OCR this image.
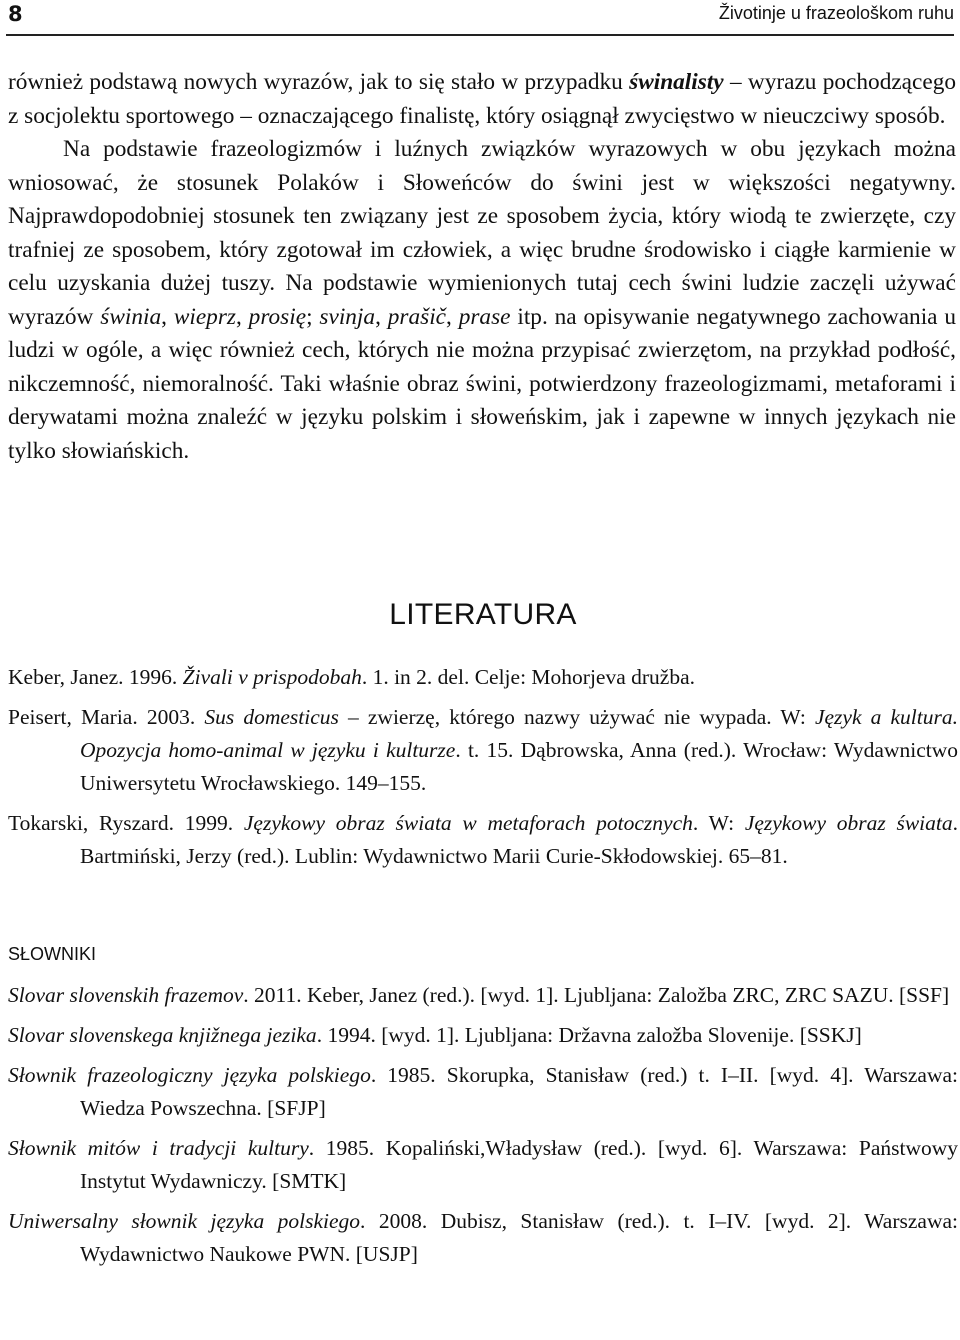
8	Životinje u frazeološkom ruhu

również podstawą nowych wyrazów, jak to się stało w przypadku świnalisty – wyrazu pochodzącego z socjolektu sportowego – oznaczającego finalistę, który osiągnął zwycięstwo w nieuczciwy sposób.

Na podstawie frazeologizmów i luźnych związków wyrazowych w obu językach można wniosować, że stosunek Polaków i Słoweńców do świni jest w większości negatywny. Najprawdopodobniej stosunek ten związany jest ze sposobem życia, który wiodą te zwierzęte, czy trafniej ze sposobem, który zgotował im człowiek, a więc brudne środowisko i ciągłe karmienie w celu uzyskania dużej tuszy. Na podstawie wymienionych tutaj cech świni ludzie zaczęli używać wyrazów świnia, wieprz, prosię; svinja, prašič, prase itp. na opisywanie negatywnego zachowania u ludzi w ogóle, a więc również cech, których nie można przypisać zwierzętom, na przykład podłość, nikczemność, niemoralność. Taki właśnie obraz świni, potwierdzony frazeologizmami, metaforami i derywatami można znaleźć w języku polskim i słoweńskim, jak i zapewne w innych językach nie tylko słowiańskich.

LITERATURA

Keber, Janez. 1996. Živali v prispodobah. 1. in 2. del. Celje: Mohorjeva družba.

Peisert, Maria. 2003. Sus domesticus – zwierzę, którego nazwy używać nie wypada. W: Język a kultura. Opozycja homo-animal w języku i kulturze. t. 15. Dąbrowska, Anna (red.). Wrocław: Wydawnictwo Uniwersytetu Wrocławskiego. 149–155.

Tokarski, Ryszard. 1999. Językowy obraz świata w metaforach potocznych. W: Językowy obraz świata. Bartmiński, Jerzy (red.). Lublin: Wydawnictwo Marii Curie-Skłodowskiej. 65–81.

SŁOWNIKI

Slovar slovenskih frazemov. 2011. Keber, Janez (red.). [wyd. 1]. Ljubljana: Založba ZRC, ZRC SAZU. [SSF]

Slovar slovenskega knjižnega jezika. 1994. [wyd. 1]. Ljubljana: Državna založba Slovenije. [SSKJ]

Słownik frazeologiczny języka polskiego. 1985. Skorupka, Stanisław (red.) t. I–II. [wyd. 4]. Warszawa: Wiedza Powszechna. [SFJP]

Słownik mitów i tradycji kultury. 1985. Kopaliński,Władysław (red.). [wyd. 6]. Warszawa: Państwowy Instytut Wydawniczy. [SMTK]

Uniwersalny słownik języka polskiego. 2008. Dubisz, Stanisław (red.). t. I–IV. [wyd. 2]. Warszawa: Wydawnictwo Naukowe PWN. [USJP]
